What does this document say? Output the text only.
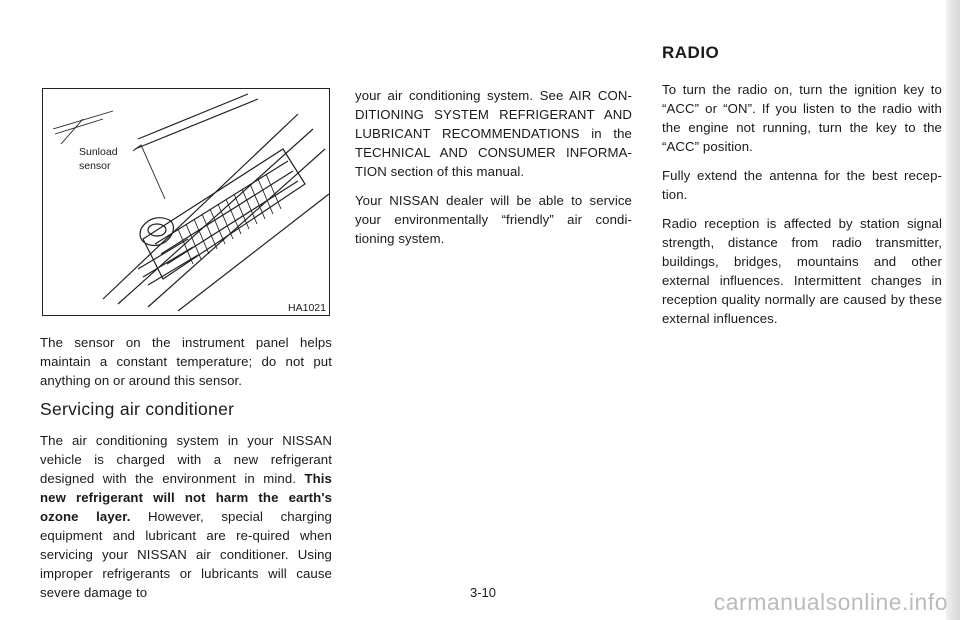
Sunload
sensor
HA1021

The sensor on the instrument panel helps maintain a constant temperature; do not put anything on or around this sensor.

Servicing air conditioner

The air conditioning system in your NISSAN vehicle is charged with a new refrigerant designed with the environment in mind. This new refrigerant will not harm the earth's ozone layer. However, special charging equipment and lubricant are re-quired when servicing your NISSAN air conditioner. Using improper refrigerants or lubricants will cause severe damage to

your air conditioning system. See AIR CON-DITIONING SYSTEM REFRIGERANT AND LUBRICANT RECOMMENDATIONS in the TECHNICAL AND CONSUMER INFORMA-TION section of this manual.

Your NISSAN dealer will be able to service your environmentally “friendly” air condi-tioning system.

RADIO

To turn the radio on, turn the ignition key to “ACC” or “ON”. If you listen to the radio with the engine not running, turn the key to the “ACC” position.

Fully extend the antenna for the best recep-tion.

Radio reception is affected by station signal strength, distance from radio transmitter, buildings, bridges, mountains and other external influences. Intermittent changes in reception quality normally are caused by these external influences.

3-10	carmanualsonline.info
